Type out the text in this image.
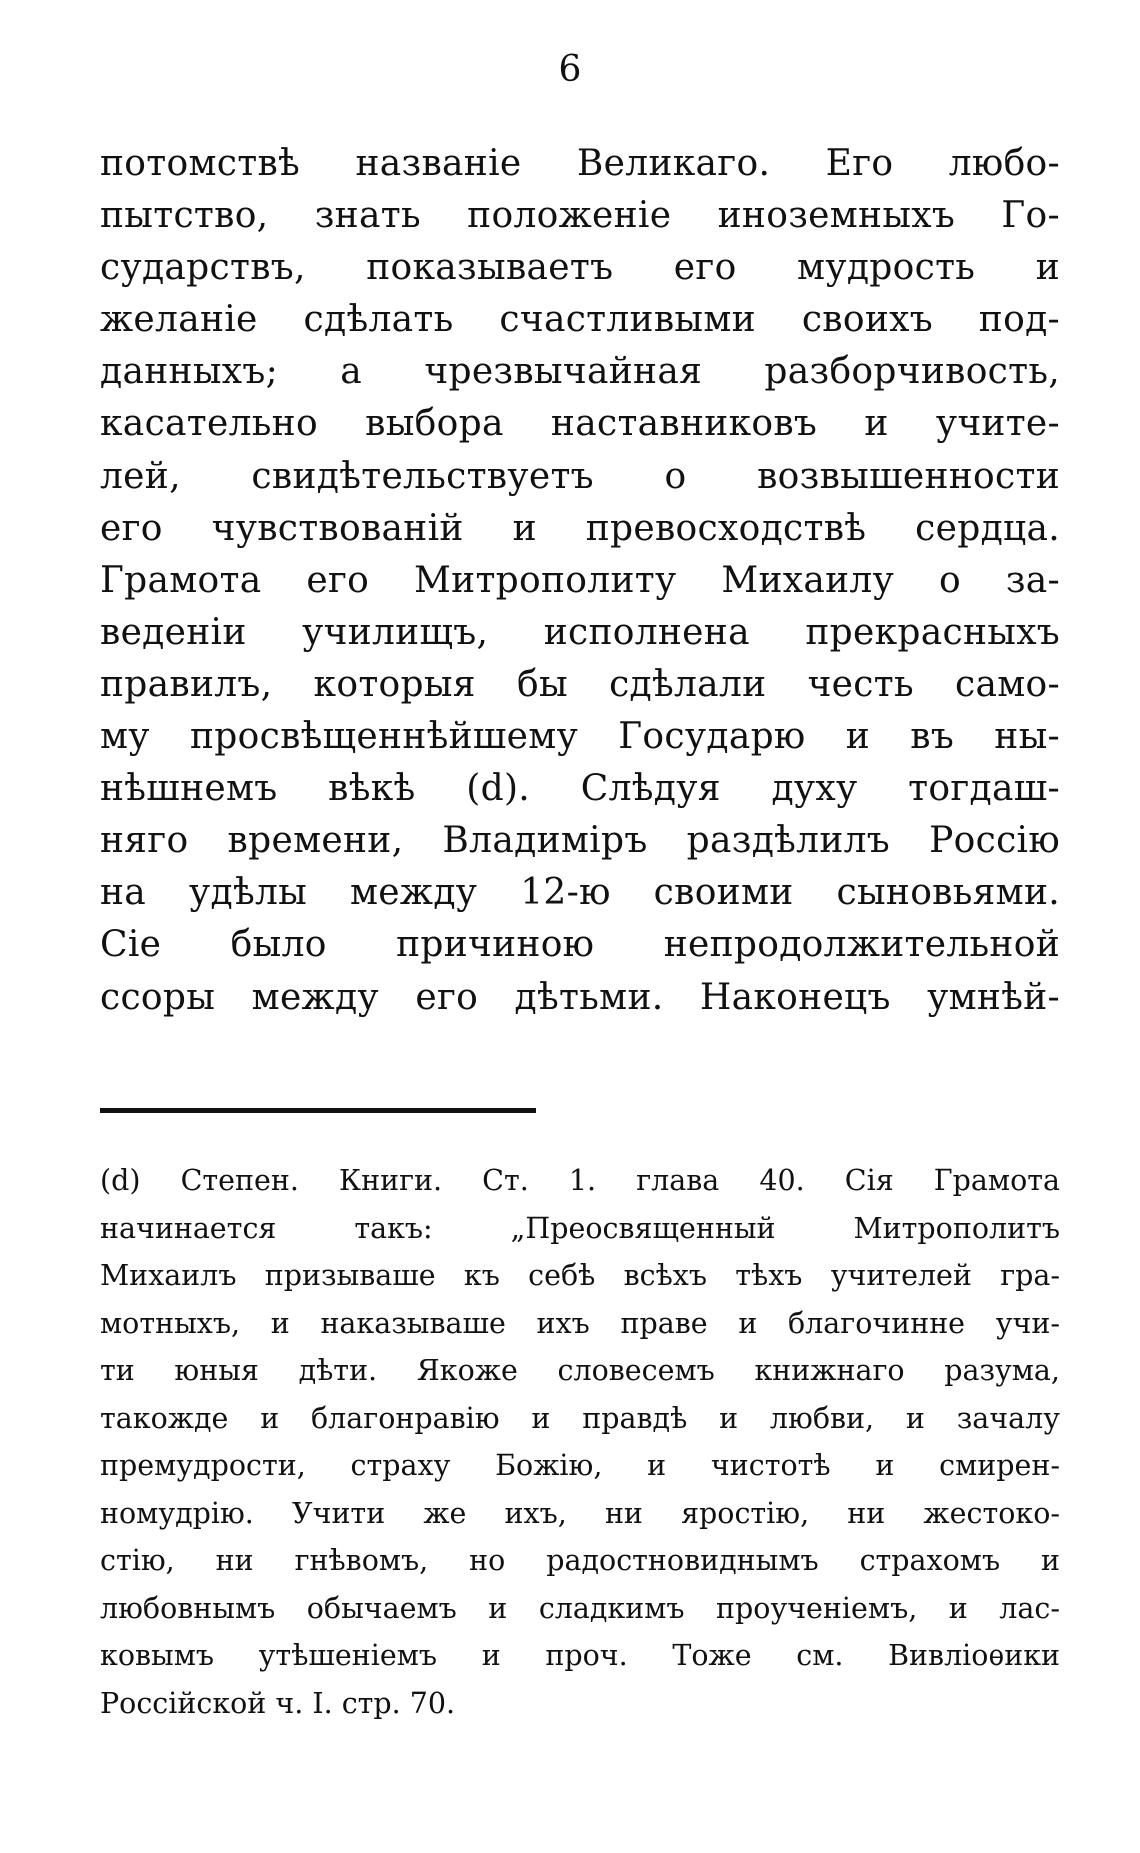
6
потомствѣ названіе Великаго. Его любо-
пытство, знать положеніе иноземныхъ Го-
сударствъ, показываетъ его мудрость и
желаніе сдѣлать счастливыми своихъ под-
данныхъ; а чрезвычайная разборчивость,
касательно выбора наставниковъ и учите-
лей, свидѣтельствуетъ о возвышенности
его чувствованій и превосходствѣ сердца.
Грамота его Митрополиту Михаилу о за-
веденіи училищъ, исполнена прекрасныхъ
правилъ, которыя бы сдѣлали честь само-
му просвѣщеннѣйшему Государю и въ ны-
нѣшнемъ вѣкѣ (d). Слѣдуя духу тогдаш-
няго времени, Владиміръ раздѣлилъ Россію
на удѣлы между 12-ю своими сыновьями.
Сіе было причиною непродолжительной
ссоры между его дѣтьми. Наконецъ умнѣй-
(d) Степен. Книги. Ст. 1. глава 40. Сія Грамота
начинается такъ: „Преосвященный Митрополитъ
Михаилъ призываше къ себѣ всѣхъ тѣхъ учителей гра-
мотныхъ, и наказываше ихъ праве и благочинне учи-
ти юныя дѣти. Якоже словесемъ книжнаго разума,
такожде и благонравію и правдѣ и любви, и зачалу
премудрости, страху Божію, и чистотѣ и смирен-
номудрію. Учити же ихъ, ни яростію, ни жестоко-
стію, ни гнѣвомъ, но радостновиднымъ страхомъ и
любовнымъ обычаемъ и сладкимъ проученіемъ, и лас-
ковымъ утѣшеніемъ и проч. Тоже см. Вивліоѳики
Россійской ч. I. стр. 70.
